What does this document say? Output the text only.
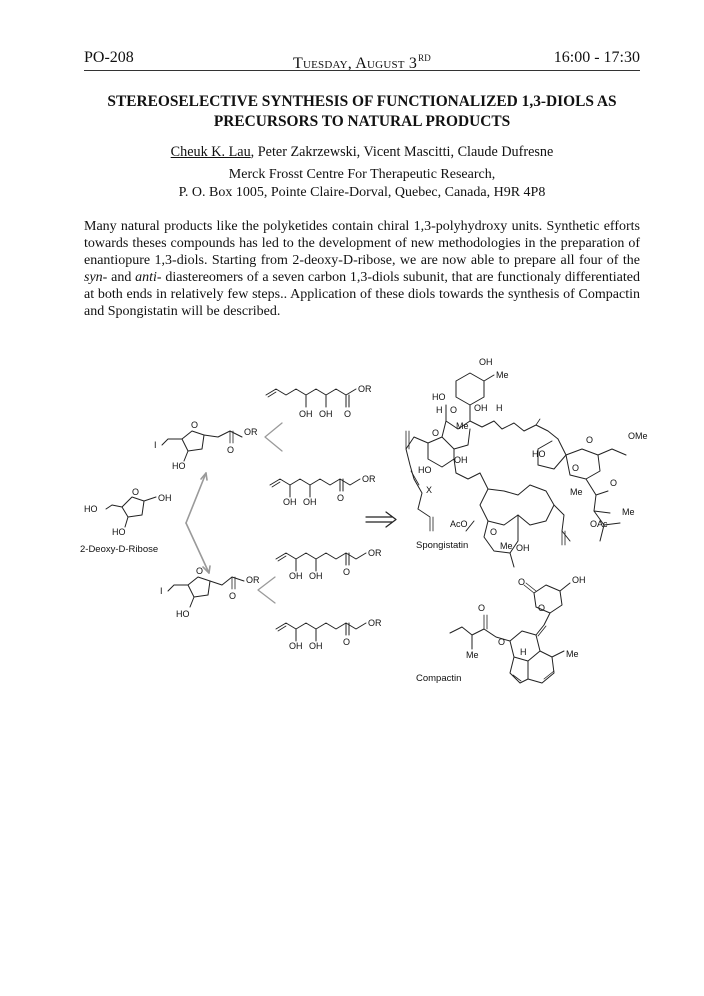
PO-208	Tuesday, August 3RD	16:00 - 17:30
STEREOSELECTIVE SYNTHESIS OF FUNCTIONALIZED 1,3-DIOLS AS
PRECURSORS TO NATURAL PRODUCTS
Cheuk K. Lau, Peter Zakrzewski, Vicent Mascitti, Claude Dufresne
Merck Frosst Centre For Therapeutic Research,
P. O. Box 1005, Pointe Claire-Dorval, Quebec, Canada, H9R 4P8
Many natural products like the polyketides contain chiral 1,3-polyhydroxy units. Synthetic efforts towards theses compounds has led to the development of new methodologies in the preparation of enantiopure 1,3-diols. Starting from 2-deoxy-D-ribose, we are now able to prepare all four of the syn- and anti- diastereomers of a seven carbon 1,3-diols subunit, that are functionaly differentiated at both ends in relatively few steps.. Application of these diols towards the synthesis of Compactin and Spongistatin will be described.
HO
O
OH
HO
2-Deoxy-D-Ribose
I
O
OR
O
HO
I
O
OR
O
HO
OR
OH OH O
OR
OH OH O
OR
OH OH O
OR
OH OH O
OH
Me
HO
H O OH H
Me
O
HO
OH
X
AcO
O
Me OH
HO
O
O	OMe
O
Me
Me
OAc
Spongistatin
O
O
OH
O
O
Me	H	Me
Compactin
